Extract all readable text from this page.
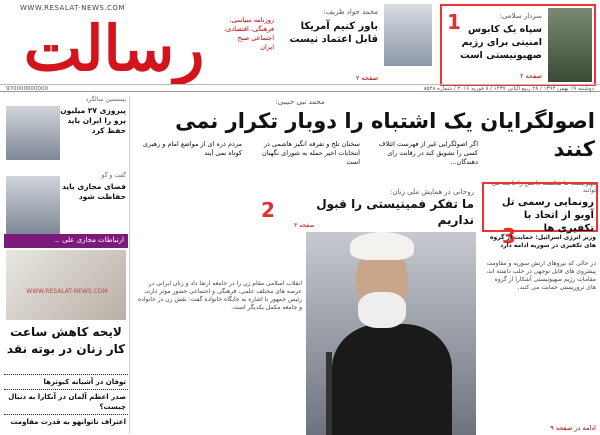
WWW.RESALAT-NEWS.COM
رسالت	روزنامه سیاسی، فرهنگی، اقتصادی، اجتماعی صبح ایران
محمد جواد ظریف:
باور کنیم آمریکا قابل اعتماد نیست
صفحه ۲
سردار سلامی:
سپاه یک کابوس امنیتی برای رژیم صهیونیستی است
صفحه ۲
1
دوشنبه ۱۹ بهمن ۱۳۹۴ / ۲۸ ربیع الثانی ۱۴۳۷ / ۸ فوریه ۲۰۱۶ / شماره ۸۵۴۸
970000000000
محمد نبی حبیبی:
اصولگرایان یک اشتباه را دوبار تکرار نمی کنند
بیستمین سالگرد
پیروزی ۲۷ میلیون پرو را ایران باید حفظ کرد
گفت و گو
فضای مجازی باید حفاظت شود
ارتباطات مجازی علی ...
WWW.RESALAT-NEWS.COM
لایحه کاهش ساعت کار زنان در بوته نقد
توفان در آشیانه کبوترها
صدر اعظم آلمان در آنکارا به دنبال چیست؟
اعتراف ناتوانهو به قدرت مقاومت
اگر اصولگرایی غیر از فهرست ائتلاف کسی را تشویق کند در رقابت رای دهندگان...
سخنان تلخ و تفرقه انگیز هاشمی در انتخابات اخیر حمله به شورای نگهبان است
مردم ذره ای از مواضع امام و رهبری کوتاه نمی آیند
روحانی در همایش ملی زنان:
ما تفکر فمینیستی را قبول نداریم
صفحه ۳
2
انقلاب اسلامی مقام زن را در جامعه ارتقا داد و زنان ایرانی در عرصه های مختلف علمی، فرهنگی و اجتماعی حضور موثر دارند. رئیس جمهور با اشاره به جایگاه خانواده گفت: نقش زن در خانواده و جامعه مکمل یکدیگر است.
صهیونیست ها شکست داعش را فاجعه می خوانند
رونمایی رسمی تل آویو از اتحاد با تکفیری ها
3
وزیر انرژی اسرائیل: حمایت از گروه های تکفیری در سوریه ادامه دارد
در حالی که نیروهای ارتش سوریه و مقاومت پیشروی های قابل توجهی در حلب داشته اند، مقامات رژیم صهیونیستی آشکارا از گروه های تروریستی حمایت می کنند.
ادامه در صفحه ۹
